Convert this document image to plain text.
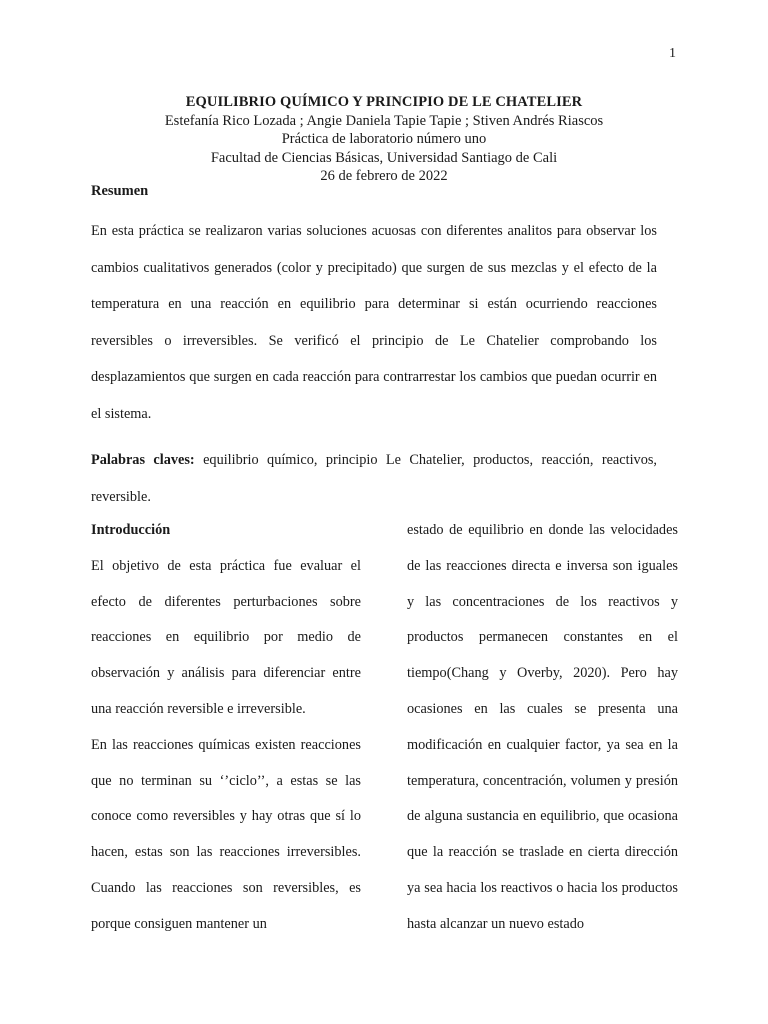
1
EQUILIBRIO QUÍMICO Y PRINCIPIO DE LE CHATELIER
Estefanía Rico Lozada ; Angie Daniela Tapie Tapie ; Stiven Andrés Riascos
Práctica de laboratorio número uno
Facultad de Ciencias Básicas, Universidad Santiago de Cali
26 de febrero de 2022
Resumen

En esta práctica se realizaron varias soluciones acuosas con diferentes analitos para observar los cambios cualitativos generados (color y precipitado) que surgen de sus mezclas y el efecto de la temperatura en una reacción en equilibrio para determinar si están ocurriendo reacciones reversibles o irreversibles. Se verificó el principio de Le Chatelier comprobando los desplazamientos que surgen en cada reacción para contrarrestar los cambios que puedan ocurrir en el sistema.

Palabras claves: equilibrio químico, principio Le Chatelier, productos, reacción, reactivos, reversible.

Introducción

El objetivo de esta práctica fue evaluar el efecto de diferentes perturbaciones sobre reacciones en equilibrio por medio de observación y análisis para diferenciar entre una reacción reversible e irreversible.

En las reacciones químicas existen reacciones que no terminan su ‘’ciclo’’, a estas se las conoce como reversibles y hay otras que sí lo hacen, estas son las reacciones irreversibles. Cuando las reacciones son reversibles, es porque consiguen mantener un

estado de equilibrio en donde las velocidades de las reacciones directa e inversa son iguales y las concentraciones de los reactivos y productos permanecen constantes en el tiempo(Chang y Overby, 2020). Pero hay ocasiones en las cuales se presenta una modificación en cualquier factor, ya sea en la temperatura, concentración, volumen y presión de alguna sustancia en equilibrio, que ocasiona que la reacción se traslade en cierta dirección ya sea hacia los reactivos o hacia los productos hasta alcanzar un nuevo estado
